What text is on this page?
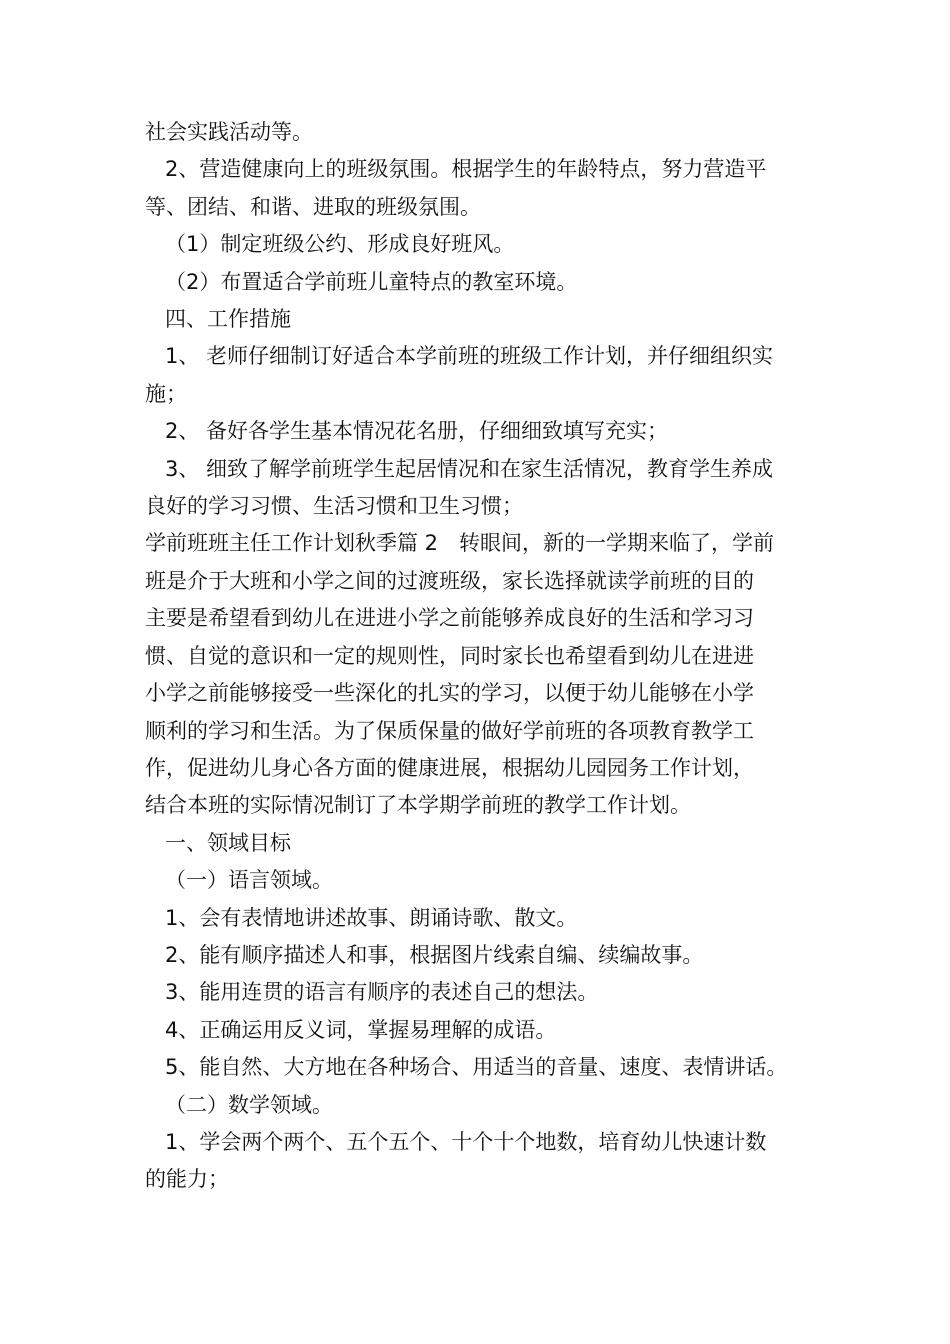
社会实践活动等。
2、营造健康向上的班级氛围。根据学生的年龄特点，努力营造平
等、团结、和谐、进取的班级氛围。
（1）制定班级公约、形成良好班风。
（2）布置适合学前班儿童特点的教室环境。
四、工作措施
1、 老师仔细制订好适合本学前班的班级工作计划，并仔细组织实
施；
2、 备好各学生基本情况花名册，仔细细致填写充实；
3、 细致了解学前班学生起居情况和在家生活情况，教育学生养成
良好的学习习惯、生活习惯和卫生习惯；
学前班班主任工作计划秋季篇 2　转眼间，新的一学期来临了，学前
班是介于大班和小学之间的过渡班级，家长选择就读学前班的目的
主要是希望看到幼儿在进进小学之前能够养成良好的生活和学习习
惯、自觉的意识和一定的规则性，同时家长也希望看到幼儿在进进
小学之前能够接受一些深化的扎实的学习，以便于幼儿能够在小学
顺利的学习和生活。为了保质保量的做好学前班的各项教育教学工
作，促进幼儿身心各方面的健康进展，根据幼儿园园务工作计划，
结合本班的实际情况制订了本学期学前班的教学工作计划。
一、领域目标
（一）语言领域。
1、会有表情地讲述故事、朗诵诗歌、散文。
2、能有顺序描述人和事，根据图片线索自编、续编故事。
3、能用连贯的语言有顺序的表述自己的想法。
4、正确运用反义词，掌握易理解的成语。
5、能自然、大方地在各种场合、用适当的音量、速度、表情讲话。
（二）数学领域。
1、学会两个两个、五个五个、十个十个地数，培育幼儿快速计数
的能力；
